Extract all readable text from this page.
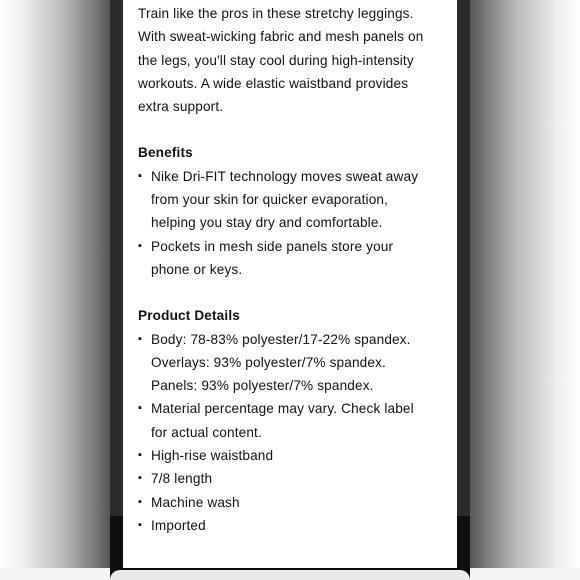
Train like the pros in these stretchy leggings. With sweat-wicking fabric and mesh panels on the legs, you'll stay cool during high-intensity workouts. A wide elastic waistband provides extra support.

Benefits
▪ Nike Dri-FIT technology moves sweat away from your skin for quicker evaporation, helping you stay dry and comfortable.
▪ Pockets in mesh side panels store your phone or keys.
Product Details
▪ Body: 78-83% polyester/17-22% spandex. Overlays: 93% polyester/7% spandex. Panels: 93% polyester/7% spandex.
▪ Material percentage may vary. Check label for actual content.
▪ High-rise waistband
▪ 7/8 length
▪ Machine wash
▪ Imported
